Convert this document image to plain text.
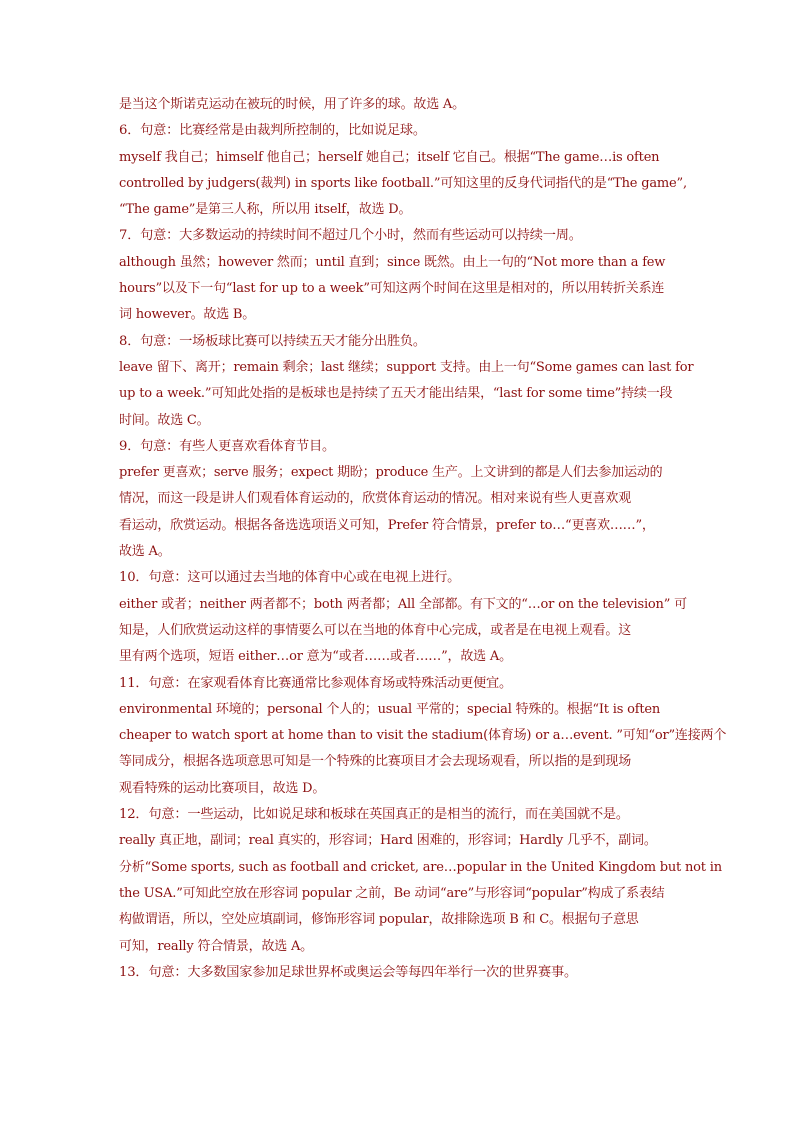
是当这个斯诺克运动在被玩的时候，用了许多的球。故选 A。
6．句意：比赛经常是由裁判所控制的，比如说足球。
myself 我自己；himself 他自己；herself 她自己；itself 它自己。根据“The game…is often
controlled by judgers(裁判) in sports like football.”可知这里的反身代词指代的是“The game”,
“The game”是第三人称，所以用 itself，故选 D。
7．句意：大多数运动的持续时间不超过几个小时，然而有些运动可以持续一周。
although 虽然；however 然而；until 直到；since 既然。由上一句的“Not more than a few
hours”以及下一句“last for up to a week”可知这两个时间在这里是相对的，所以用转折关系连
词 however。故选 B。
8．句意：一场板球比赛可以持续五天才能分出胜负。
leave 留下、离开；remain 剩余；last 继续；support 支持。由上一句“Some games can last for
up to a week.”可知此处指的是板球也是持续了五天才能出结果，“last for some time”持续一段
时间。故选 C。
9．句意：有些人更喜欢看体育节目。
prefer 更喜欢；serve 服务；expect 期盼；produce 生产。上文讲到的都是人们去参加运动的
情况，而这一段是讲人们观看体育运动的，欣赏体育运动的情况。相对来说有些人更喜欢观
看运动，欣赏运动。根据各备选选项语义可知，Prefer 符合情景，prefer to…“更喜欢……”，
故选 A。
10．句意：这可以通过去当地的体育中心或在电视上进行。
either 或者；neither 两者都不；both 两者都；All 全部都。有下文的“…or on the television” 可
知是，人们欣赏运动这样的事情要么可以在当地的体育中心完成，或者是在电视上观看。这
里有两个选项，短语 either…or 意为“或者……或者……”，故选 A。
11．句意：在家观看体育比赛通常比参观体育场或特殊活动更便宜。
environmental 环境的；personal 个人的；usual 平常的；special 特殊的。根据“It is often
cheaper to watch sport at home than to visit the stadium(体育场) or a…event. ”可知“or”连接两个
等同成分，根据各选项意思可知是一个特殊的比赛项目才会去现场观看，所以指的是到现场
观看特殊的运动比赛项目，故选 D。
12．句意：一些运动，比如说足球和板球在英国真正的是相当的流行，而在美国就不是。
really 真正地，副词；real 真实的，形容词；Hard 困难的，形容词；Hardly 几乎不，副词。
分析“Some sports, such as football and cricket, are…popular in the United Kingdom but not in
the USA.”可知此空放在形容词 popular 之前，Be 动词“are”与形容词“popular”构成了系表结
构做谓语，所以，空处应填副词，修饰形容词 popular，故排除选项 B 和 C。根据句子意思
可知，really 符合情景，故选 A。
13．句意：大多数国家参加足球世界杯或奥运会等每四年举行一次的世界赛事。
